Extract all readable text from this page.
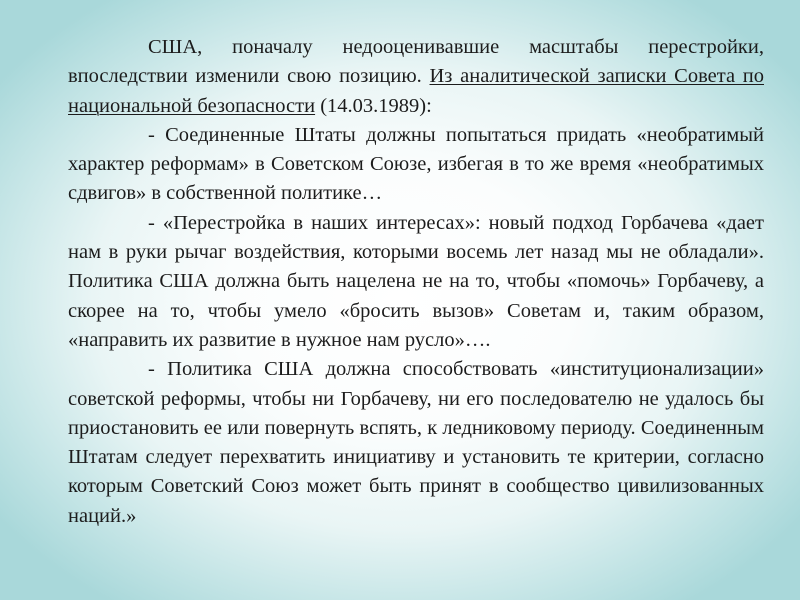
США, поначалу недооценивавшие масштабы перестройки, впоследствии изменили свою позицию. Из аналитической записки Совета по национальной безопасности (14.03.1989):

- Соединенные Штаты должны попытаться придать «необратимый характер реформам» в Советском Союзе, избегая в то же время «необратимых сдвигов» в собственной политике…

- «Перестройка в наших интересах»: новый подход Горбачева «дает нам в руки рычаг воздействия, которыми восемь лет назад мы не обладали». Политика США должна быть нацелена не на то, чтобы «помочь» Горбачеву, а скорее на то, чтобы умело «бросить вызов» Советам и, таким образом, «направить их развитие в нужное нам русло»….

- Политика США должна способствовать «институционализации» советской реформы, чтобы ни Горбачеву, ни его последователю не удалось бы приостановить ее или повернуть вспять, к ледниковому периоду. Соединенным Штатам следует перехватить инициативу и установить те критерии, согласно которым Советский Союз может быть принят в сообщество цивилизованных наций.»
